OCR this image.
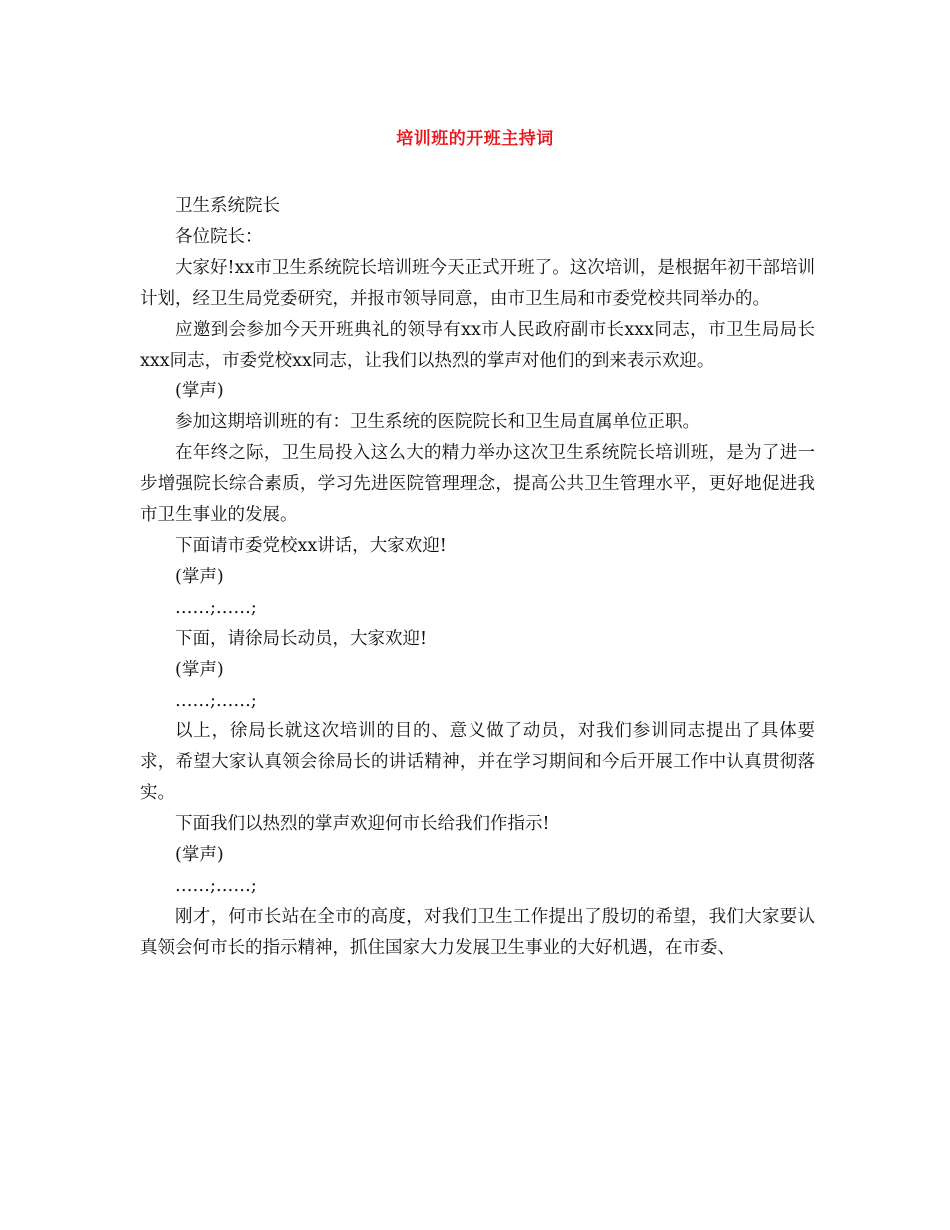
培训班的开班主持词

卫生系统院长

各位院长：

大家好!xx市卫生系统院长培训班今天正式开班了。这次培训，是根据年初干部培训计划，经卫生局党委研究，并报市领导同意，由市卫生局和市委党校共同举办的。

应邀到会参加今天开班典礼的领导有xx市人民政府副市长xxx同志，市卫生局局长xxx同志，市委党校xx同志，让我们以热烈的掌声对他们的到来表示欢迎。

(掌声)

参加这期培训班的有：卫生系统的医院院长和卫生局直属单位正职。

在年终之际，卫生局投入这么大的精力举办这次卫生系统院长培训班，是为了进一步增强院长综合素质，学习先进医院管理理念，提高公共卫生管理水平，更好地促进我市卫生事业的发展。

下面请市委党校xx讲话，大家欢迎!

(掌声)

……;……;

下面，请徐局长动员，大家欢迎!

(掌声)

……;……;

以上，徐局长就这次培训的目的、意义做了动员，对我们参训同志提出了具体要求，希望大家认真领会徐局长的讲话精神，并在学习期间和今后开展工作中认真贯彻落实。

下面我们以热烈的掌声欢迎何市长给我们作指示!

(掌声)

……;……;

刚才，何市长站在全市的高度，对我们卫生工作提出了殷切的希望，我们大家要认真领会何市长的指示精神，抓住国家大力发展卫生事业的大好机遇，在市委、
